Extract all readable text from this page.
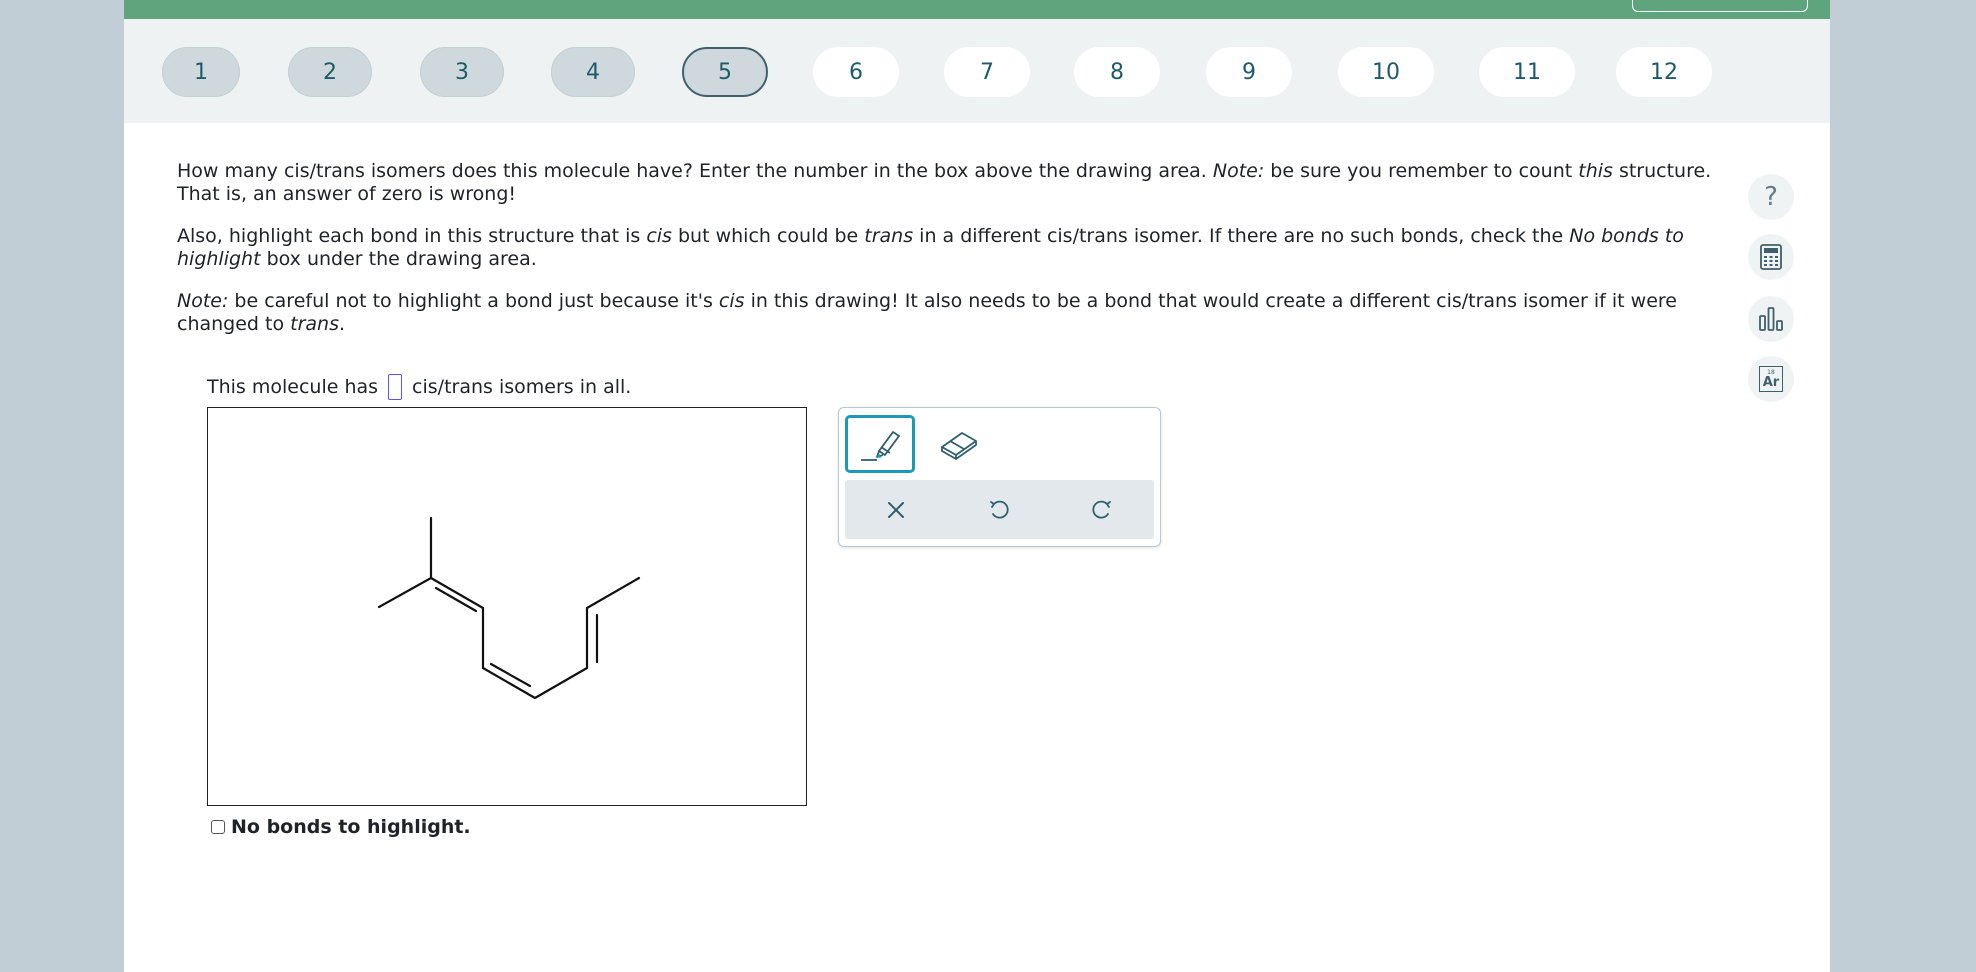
1	2	3	4	5	6	7	8	9	10	11	12

How many cis/trans isomers does this molecule have? Enter the number in the box above the drawing area. Note: be sure you remember to count this structure. That is, an answer of zero is wrong!

Also, highlight each bond in this structure that is cis but which could be trans in a different cis/trans isomer. If there are no such bonds, check the No bonds to highlight box under the drawing area.

Note: be careful not to highlight a bond just because it's cis in this drawing! It also needs to be a bond that would create a different cis/trans isomer if it were changed to trans.

This molecule has cis/trans isomers in all.
No bonds to highlight.
?
18
Ar
